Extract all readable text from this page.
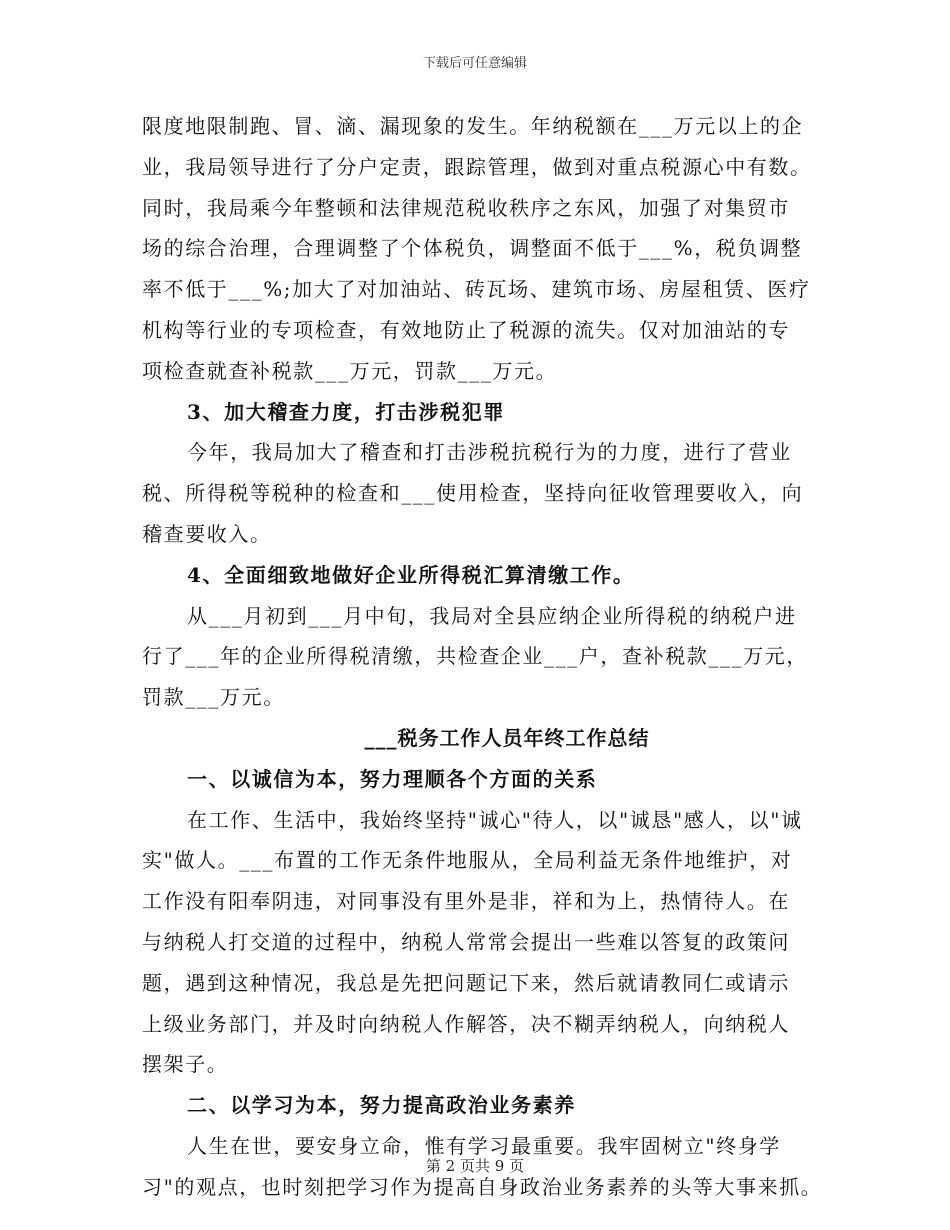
下载后可任意编辑
限度地限制跑、冒、滴、漏现象的发生。年纳税额在___万元以上的企
业，我局领导进行了分户定责，跟踪管理，做到对重点税源心中有数。
同时，我局乘今年整顿和法律规范税收秩序之东风，加强了对集贸市
场的综合治理，合理调整了个体税负，调整面不低于___%，税负调整
率不低于___%;加大了对加油站、砖瓦场、建筑市场、房屋租赁、医疗
机构等行业的专项检查，有效地防止了税源的流失。仅对加油站的专
项检查就查补税款___万元，罚款___万元。
3、加大稽查力度，打击涉税犯罪
今年，我局加大了稽查和打击涉税抗税行为的力度，进行了营业
税、所得税等税种的检查和___使用检查，坚持向征收管理要收入，向
稽查要收入。
4、全面细致地做好企业所得税汇算清缴工作。
从___月初到___月中旬，我局对全县应纳企业所得税的纳税户进
行了___年的企业所得税清缴，共检查企业___户，查补税款___万元，
罚款___万元。
___税务工作人员年终工作总结
一、以诚信为本，努力理顺各个方面的关系
在工作、生活中，我始终坚持"诚心"待人，以"诚恳"感人，以"诚
实"做人。___布置的工作无条件地服从，全局利益无条件地维护，对
工作没有阳奉阴违，对同事没有里外是非，祥和为上，热情待人。在
与纳税人打交道的过程中，纳税人常常会提出一些难以答复的政策问
题，遇到这种情况，我总是先把问题记下来，然后就请教同仁或请示
上级业务部门，并及时向纳税人作解答，决不糊弄纳税人，向纳税人
摆架子。
二、以学习为本，努力提高政治业务素养
人生在世，要安身立命，惟有学习最重要。我牢固树立"终身学
习"的观点，也时刻把学习作为提高自身政治业务素养的头等大事来抓。
第 2 页共 9 页
